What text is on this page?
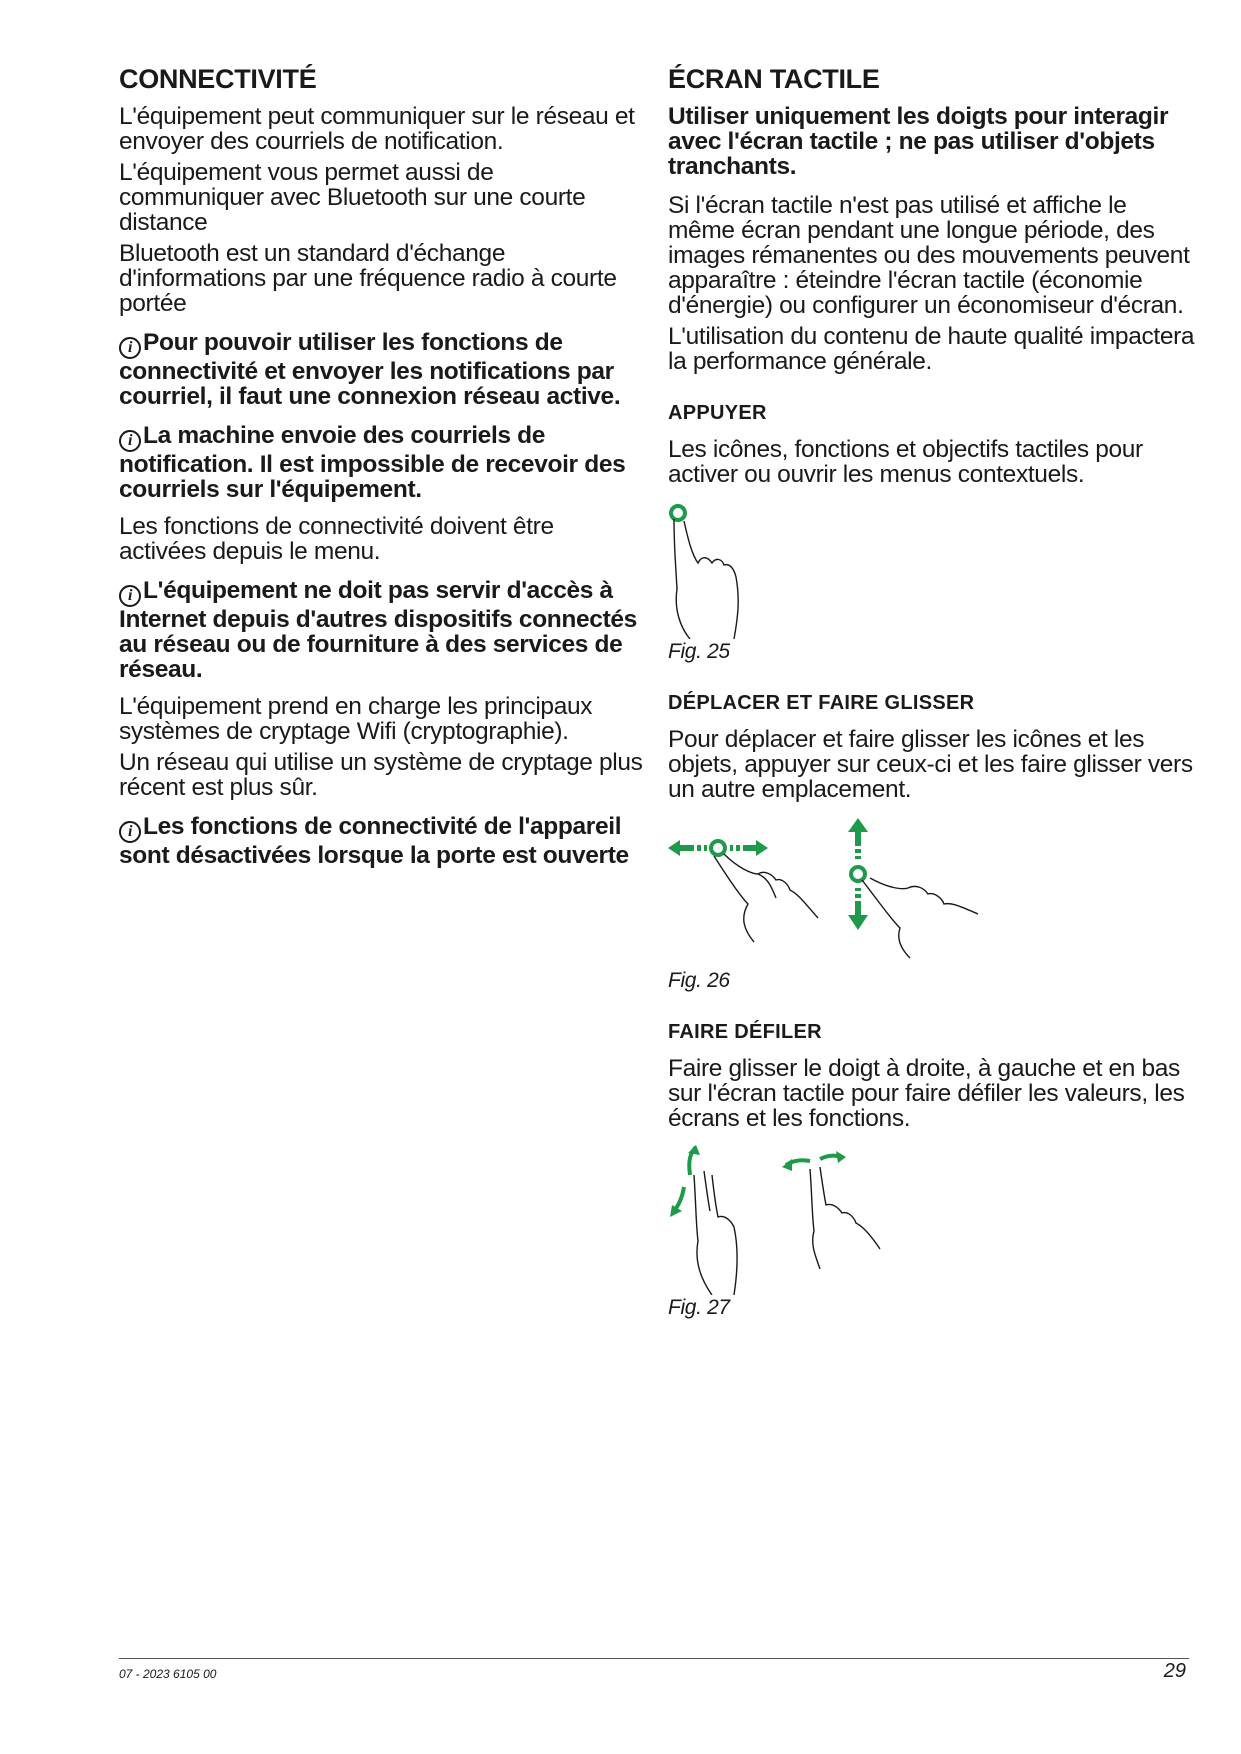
CONNECTIVITÉ

L'équipement peut communiquer sur le réseau et envoyer des courriels de notification.

L'équipement vous permet aussi de communiquer avec Bluetooth sur une courte distance

Bluetooth est un standard d'échange d'informations par une fréquence radio à courte portée

i Pour pouvoir utiliser les fonctions de connectivité et envoyer les notifications par courriel, il faut une connexion réseau active.

i La machine envoie des courriels de notification. Il est impossible de recevoir des courriels sur l'équipement.

Les fonctions de connectivité doivent être activées depuis le menu.

i L'équipement ne doit pas servir d'accès à Internet depuis d'autres dispositifs connectés au réseau ou de fourniture à des services de réseau.

L'équipement prend en charge les principaux systèmes de cryptage Wifi (cryptographie).

Un réseau qui utilise un système de cryptage plus récent est plus sûr.

i Les fonctions de connectivité de l'appareil sont désactivées lorsque la porte est ouverte

ÉCRAN TACTILE

Utiliser uniquement les doigts pour interagir avec l'écran tactile ; ne pas utiliser d'objets tranchants.

Si l'écran tactile n'est pas utilisé et affiche le même écran pendant une longue période, des images rémanentes ou des mouvements peuvent apparaître : éteindre l'écran tactile (économie d'énergie) ou configurer un économiseur d'écran.

L'utilisation du contenu de haute qualité impactera la performance générale.

APPUYER

Les icônes, fonctions et objectifs tactiles pour activer ou ouvrir les menus contextuels.

Fig. 25

DÉPLACER ET FAIRE GLISSER

Pour déplacer et faire glisser les icônes et les objets, appuyer sur ceux-ci et les faire glisser vers un autre emplacement.

Fig. 26

FAIRE DÉFILER

Faire glisser le doigt à droite, à gauche et en bas sur l'écran tactile pour faire défiler les valeurs, les écrans et les fonctions.

Fig. 27

07 - 2023 6105 00	29
